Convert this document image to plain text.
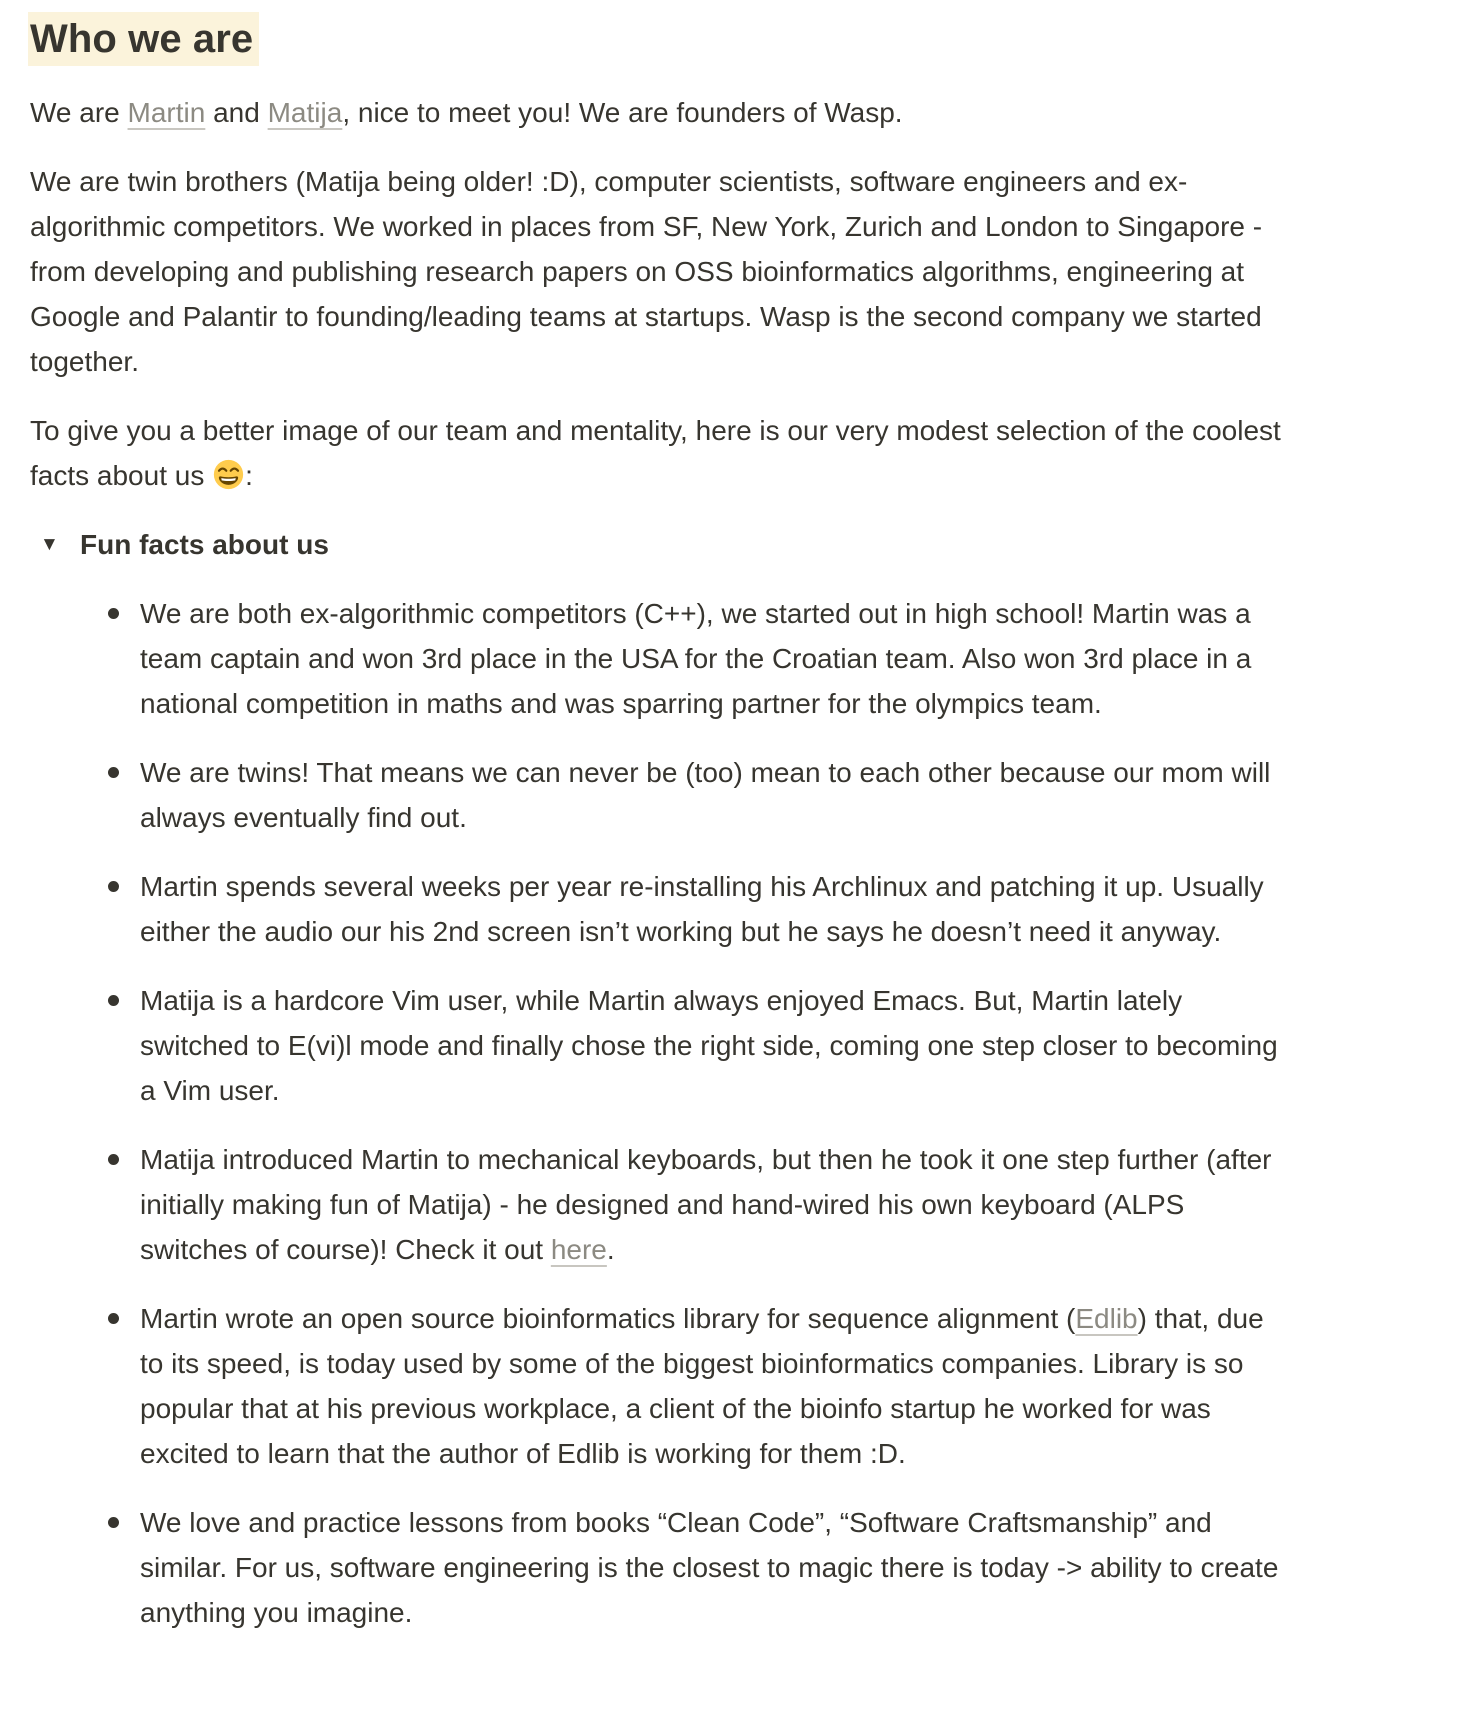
Who we are

We are Martin and Matija, nice to meet you! We are founders of Wasp.

We are twin brothers (Matija being older! :D), computer scientists, software engineers and ex-algorithmic competitors. We worked in places from SF, New York, Zurich and London to Singapore - from developing and publishing research papers on OSS bioinformatics algorithms, engineering at Google and Palantir to founding/leading teams at startups. Wasp is the second company we started together.

To give you a better image of our team and mentality, here is our very modest selection of the coolest facts about us :

▼ Fun facts about us
We are both ex-algorithmic competitors (C++), we started out in high school! Martin was a team captain and won 3rd place in the USA for the Croatian team. Also won 3rd place in a national competition in maths and was sparring partner for the olympics team.
We are twins! That means we can never be (too) mean to each other because our mom will always eventually find out.
Martin spends several weeks per year re-installing his Archlinux and patching it up. Usually either the audio our his 2nd screen isn’t working but he says he doesn’t need it anyway.
Matija is a hardcore Vim user, while Martin always enjoyed Emacs. But, Martin lately switched to E(vi)l mode and finally chose the right side, coming one step closer to becoming a Vim user.
Matija introduced Martin to mechanical keyboards, but then he took it one step further (after initially making fun of Matija) - he designed and hand-wired his own keyboard (ALPS switches of course)! Check it out here.
Martin wrote an open source bioinformatics library for sequence alignment (Edlib) that, due to its speed, is today used by some of the biggest bioinformatics companies. Library is so popular that at his previous workplace, a client of the bioinfo startup he worked for was excited to learn that the author of Edlib is working for them :D.
We love and practice lessons from books “Clean Code”, “Software Craftsmanship” and similar. For us, software engineering is the closest to magic there is today -> ability to create anything you imagine.
